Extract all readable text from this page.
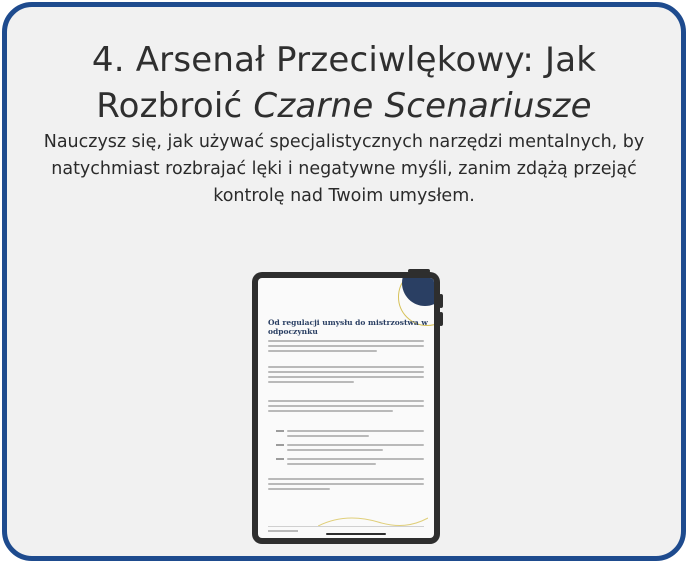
4. Arsenał Przeciwlękowy: Jak
Rozbroić Czarne Scenariusze
Nauczysz się, jak używać specjalistycznych narzędzi mentalnych, by
natychmiast rozbrajać lęki i negatywne myśli, zanim zdążą przejąć
kontrolę nad Twoim umysłem.
Od regulacji umysłu do mistrzostwa w odpoczynku
